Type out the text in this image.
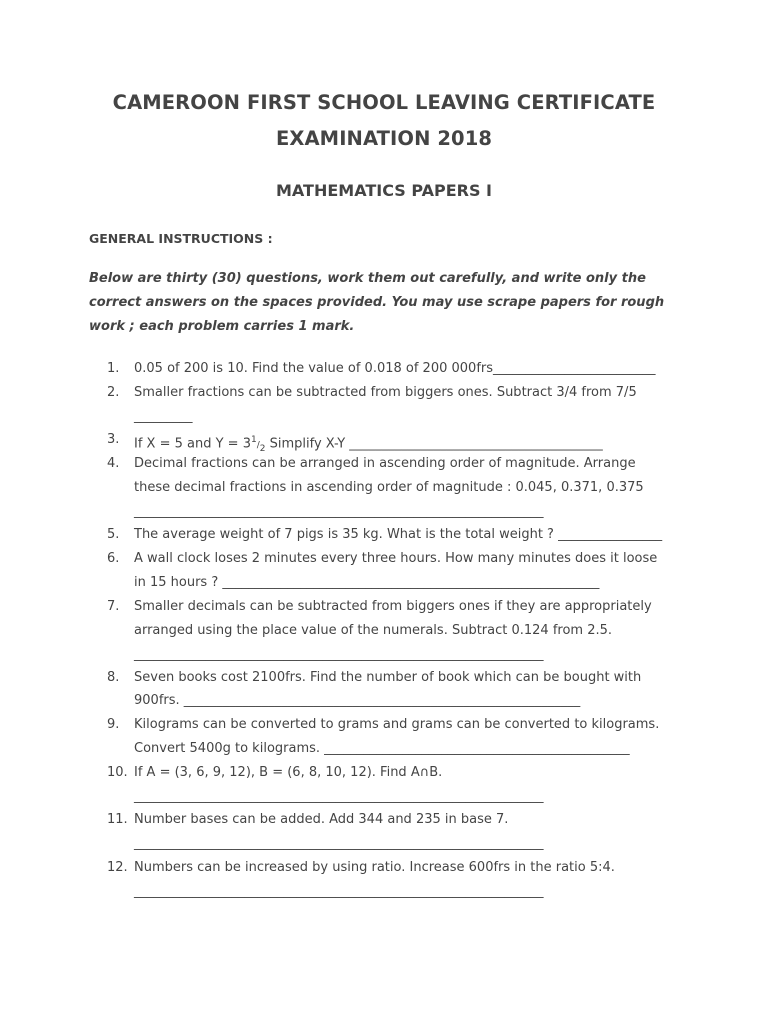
CAMEROON FIRST SCHOOL LEAVING CERTIFICATE
EXAMINATION 2018
MATHEMATICS PAPERS I
GENERAL INSTRUCTIONS :
Below are thirty (30) questions, work them out carefully, and write only the
correct answers on the spaces provided. You may use scrape papers for rough
work ; each problem carries 1 mark.
1.	0.05 of 200 is 10. Find the value of 0.018 of 200 000frs_________________________
2.	Smaller fractions can be subtracted from biggers ones. Subtract 3/4 from 7/5
_________
3.	If X = 5 and $Y = 3^1/_2$ Simplify X-Y _______________________________________
4.	Decimal fractions can be arranged in ascending order of magnitude. Arrange
these decimal fractions in ascending order of magnitude : 0.045, 0.371, 0.375
_______________________________________________________________
5.	The average weight of 7 pigs is 35 kg. What is the total weight ? ________________
6.	A wall clock loses 2 minutes every three hours. How many minutes does it loose
in 15 hours ? __________________________________________________________
7.	Smaller decimals can be subtracted from biggers ones if they are appropriately
arranged using the place value of the numerals. Subtract 0.124 from 2.5.
_______________________________________________________________
8.	Seven books cost 2100frs. Find the number of book which can be bought with
900frs. _____________________________________________________________
9.	Kilograms can be converted to grams and grams can be converted to kilograms.
Convert 5400g to kilograms. _______________________________________________
10. If A = (3, 6, 9, 12), B = (6, 8, 10, 12). Find A∩B.
_______________________________________________________________
11. Number bases can be added. Add 344 and 235 in base 7.
_______________________________________________________________
12. Numbers can be increased by using ratio. Increase 600frs in the ratio 5:4.
_______________________________________________________________
